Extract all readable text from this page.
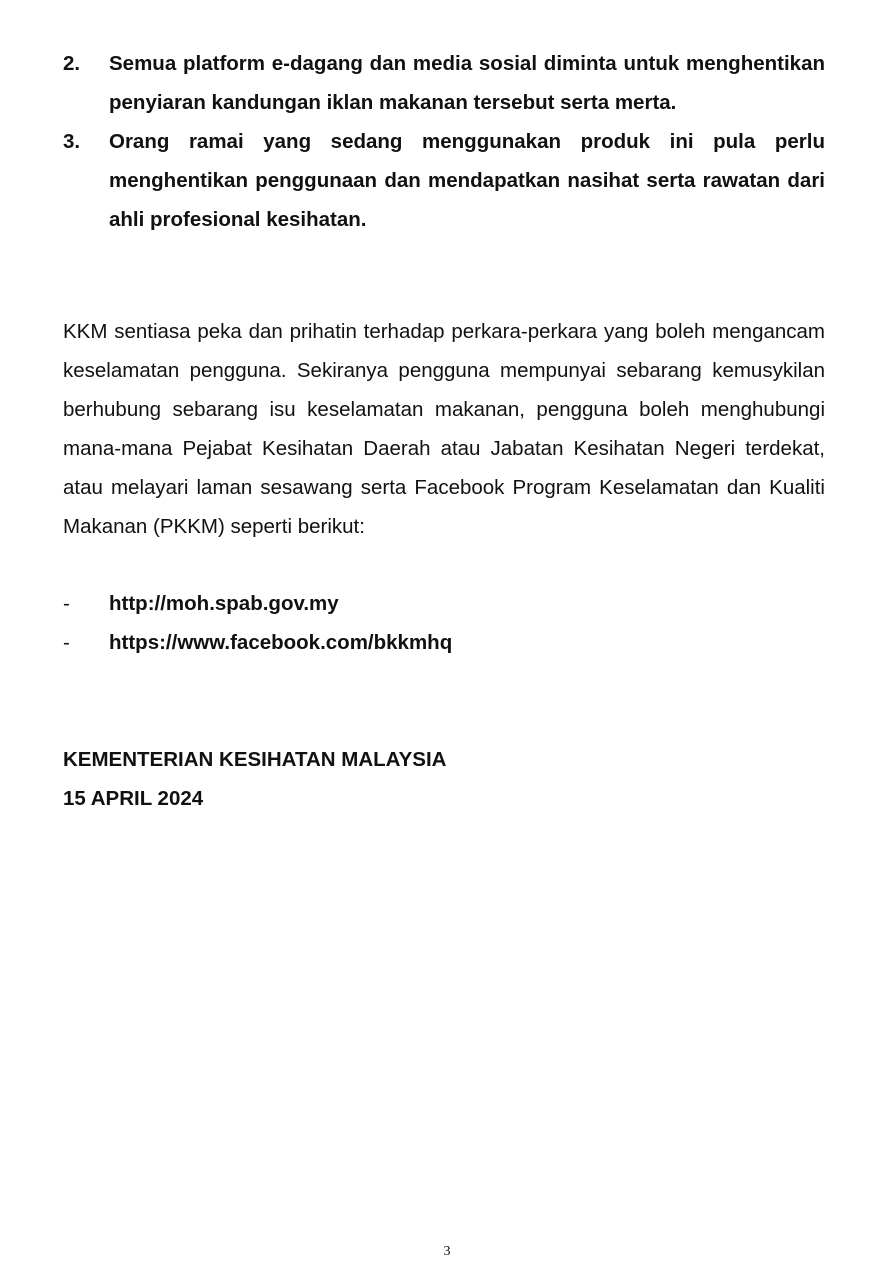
2.	Semua platform e-dagang dan media sosial diminta untuk menghentikan penyiaran kandungan iklan makanan tersebut serta merta.
3.	Orang ramai yang sedang menggunakan produk ini pula perlu menghentikan penggunaan dan mendapatkan nasihat serta rawatan dari ahli profesional kesihatan.

KKM sentiasa peka dan prihatin terhadap perkara-perkara yang boleh mengancam keselamatan pengguna. Sekiranya pengguna mempunyai sebarang kemusykilan berhubung sebarang isu keselamatan makanan, pengguna boleh menghubungi mana-mana Pejabat Kesihatan Daerah atau Jabatan Kesihatan Negeri terdekat, atau melayari laman sesawang serta Facebook Program Keselamatan dan Kualiti Makanan (PKKM) seperti berikut:

-	http://moh.spab.gov.my
-	https://www.facebook.com/bkkmhq
KEMENTERIAN KESIHATAN MALAYSIA
15 APRIL 2024
3
